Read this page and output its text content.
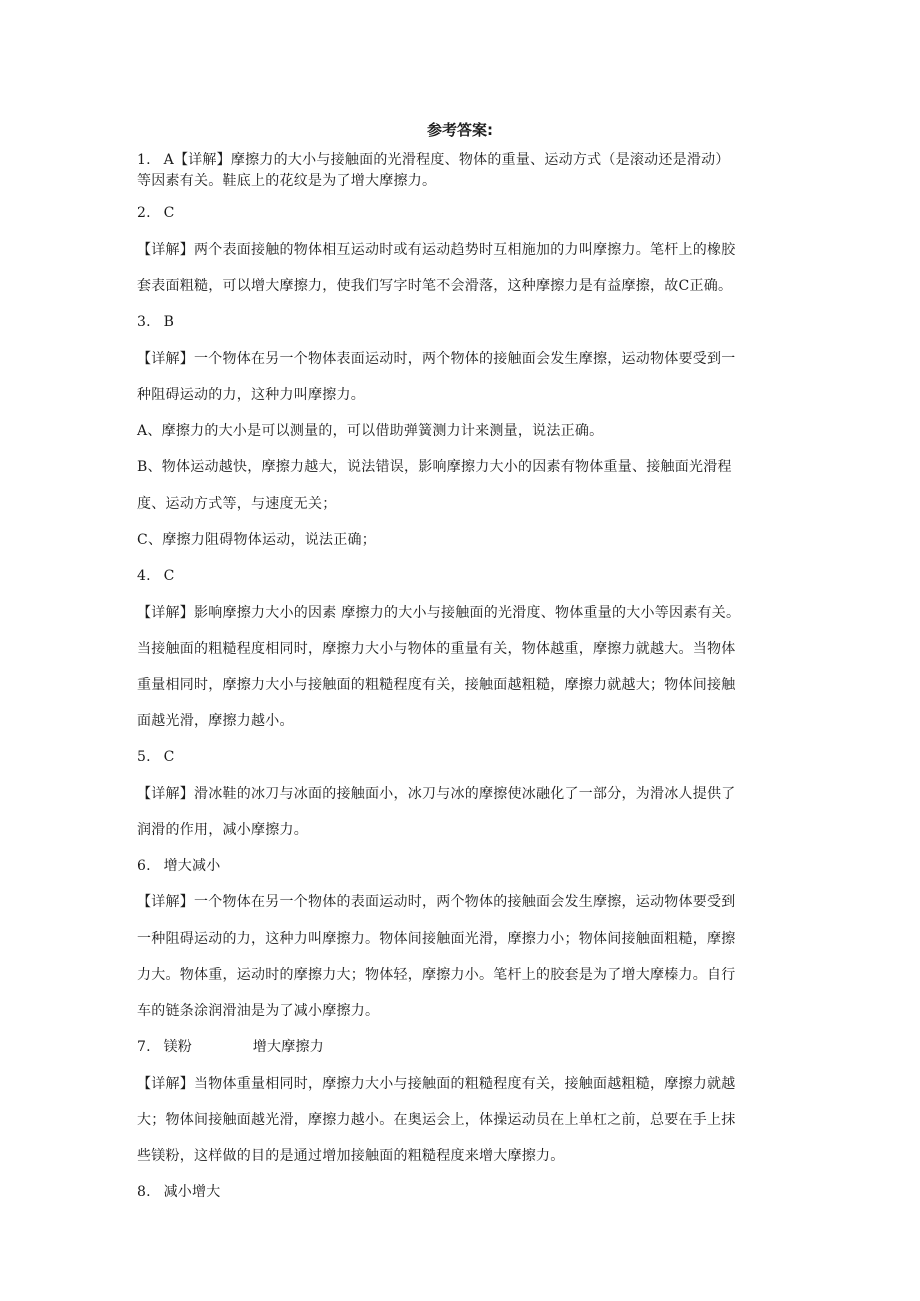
参考答案:
1. A【详解】摩擦力的大小与接触面的光滑程度、物体的重量、运动方式（是滚动还是滑动）
等因素有关。鞋底上的花纹是为了增大摩擦力。
2. C
【详解】两个表面接触的物体相互运动时或有运动趋势时互相施加的力叫摩擦力。笔杆上的橡胶
套表面粗糙，可以增大摩擦力，使我们写字时笔不会滑落，这种摩擦力是有益摩擦，故C正确。
3. B
【详解】一个物体在另一个物体表面运动时，两个物体的接触面会发生摩擦，运动物体要受到一
种阻碍运动的力，这种力叫摩擦力。
A、摩擦力的大小是可以测量的，可以借助弹簧测力计来测量，说法正确。
B、物体运动越快，摩擦力越大，说法错误，影响摩擦力大小的因素有物体重量、接触面光滑程
度、运动方式等，与速度无关；
C、摩擦力阻碍物体运动，说法正确；
4. C
【详解】影响摩擦力大小的因素 摩擦力的大小与接触面的光滑度、物体重量的大小等因素有关。
当接触面的粗糙程度相同时，摩擦力大小与物体的重量有关，物体越重，摩擦力就越大。当物体
重量相同时，摩擦力大小与接触面的粗糙程度有关，接触面越粗糙，摩擦力就越大；物体间接触
面越光滑，摩擦力越小。
5. C
【详解】滑冰鞋的冰刀与冰面的接触面小，冰刀与冰的摩擦使冰融化了一部分，为滑冰人提供了
润滑的作用，减小摩擦力。
6. 增大减小
【详解】一个物体在另一个物体的表面运动时，两个物体的接触面会发生摩擦，运动物体要受到
一种阻碍运动的力，这种力叫摩擦力。物体间接触面光滑，摩擦力小；物体间接触面粗糙，摩擦
力大。物体重，运动时的摩擦力大；物体轻，摩擦力小。笔杆上的胶套是为了增大摩榛力。自行
车的链条涂润滑油是为了减小摩擦力。
7. 镁粉	增大摩擦力
【详解】当物体重量相同时，摩擦力大小与接触面的粗糙程度有关，接触面越粗糙，摩擦力就越
大；物体间接触面越光滑，摩擦力越小。在奥运会上，体操运动员在上单杠之前，总要在手上抹
些镁粉，这样做的目的是通过增加接触面的粗糙程度来增大摩擦力。
8. 减小增大
